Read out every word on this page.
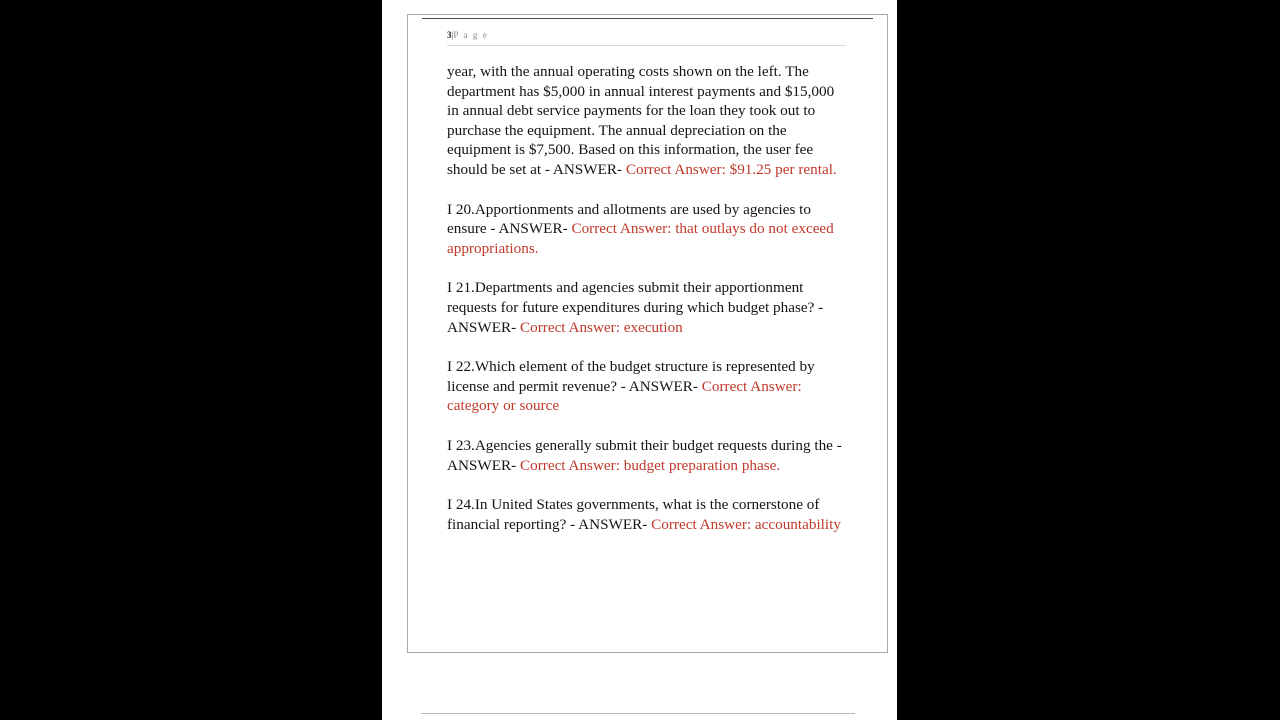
3|P a g e

year, with the annual operating costs shown on the left. The department has $5,000 in annual interest payments and $15,000 in annual debt service payments for the loan they took out to purchase the equipment. The annual depreciation on the equipment is $7,500. Based on this information, the user fee should be set at - ANSWER- Correct Answer: $91.25 per rental.

I 20.Apportionments and allotments are used by agencies to ensure - ANSWER- Correct Answer: that outlays do not exceed appropriations.

I 21.Departments and agencies submit their apportionment requests for future expenditures during which budget phase? - ANSWER- Correct Answer: execution

I 22.Which element of the budget structure is represented by license and permit revenue? - ANSWER- Correct Answer: category or source

I 23.Agencies generally submit their budget requests during the - ANSWER- Correct Answer: budget preparation phase.

I 24.In United States governments, what is the cornerstone of financial reporting? - ANSWER- Correct Answer: accountability
